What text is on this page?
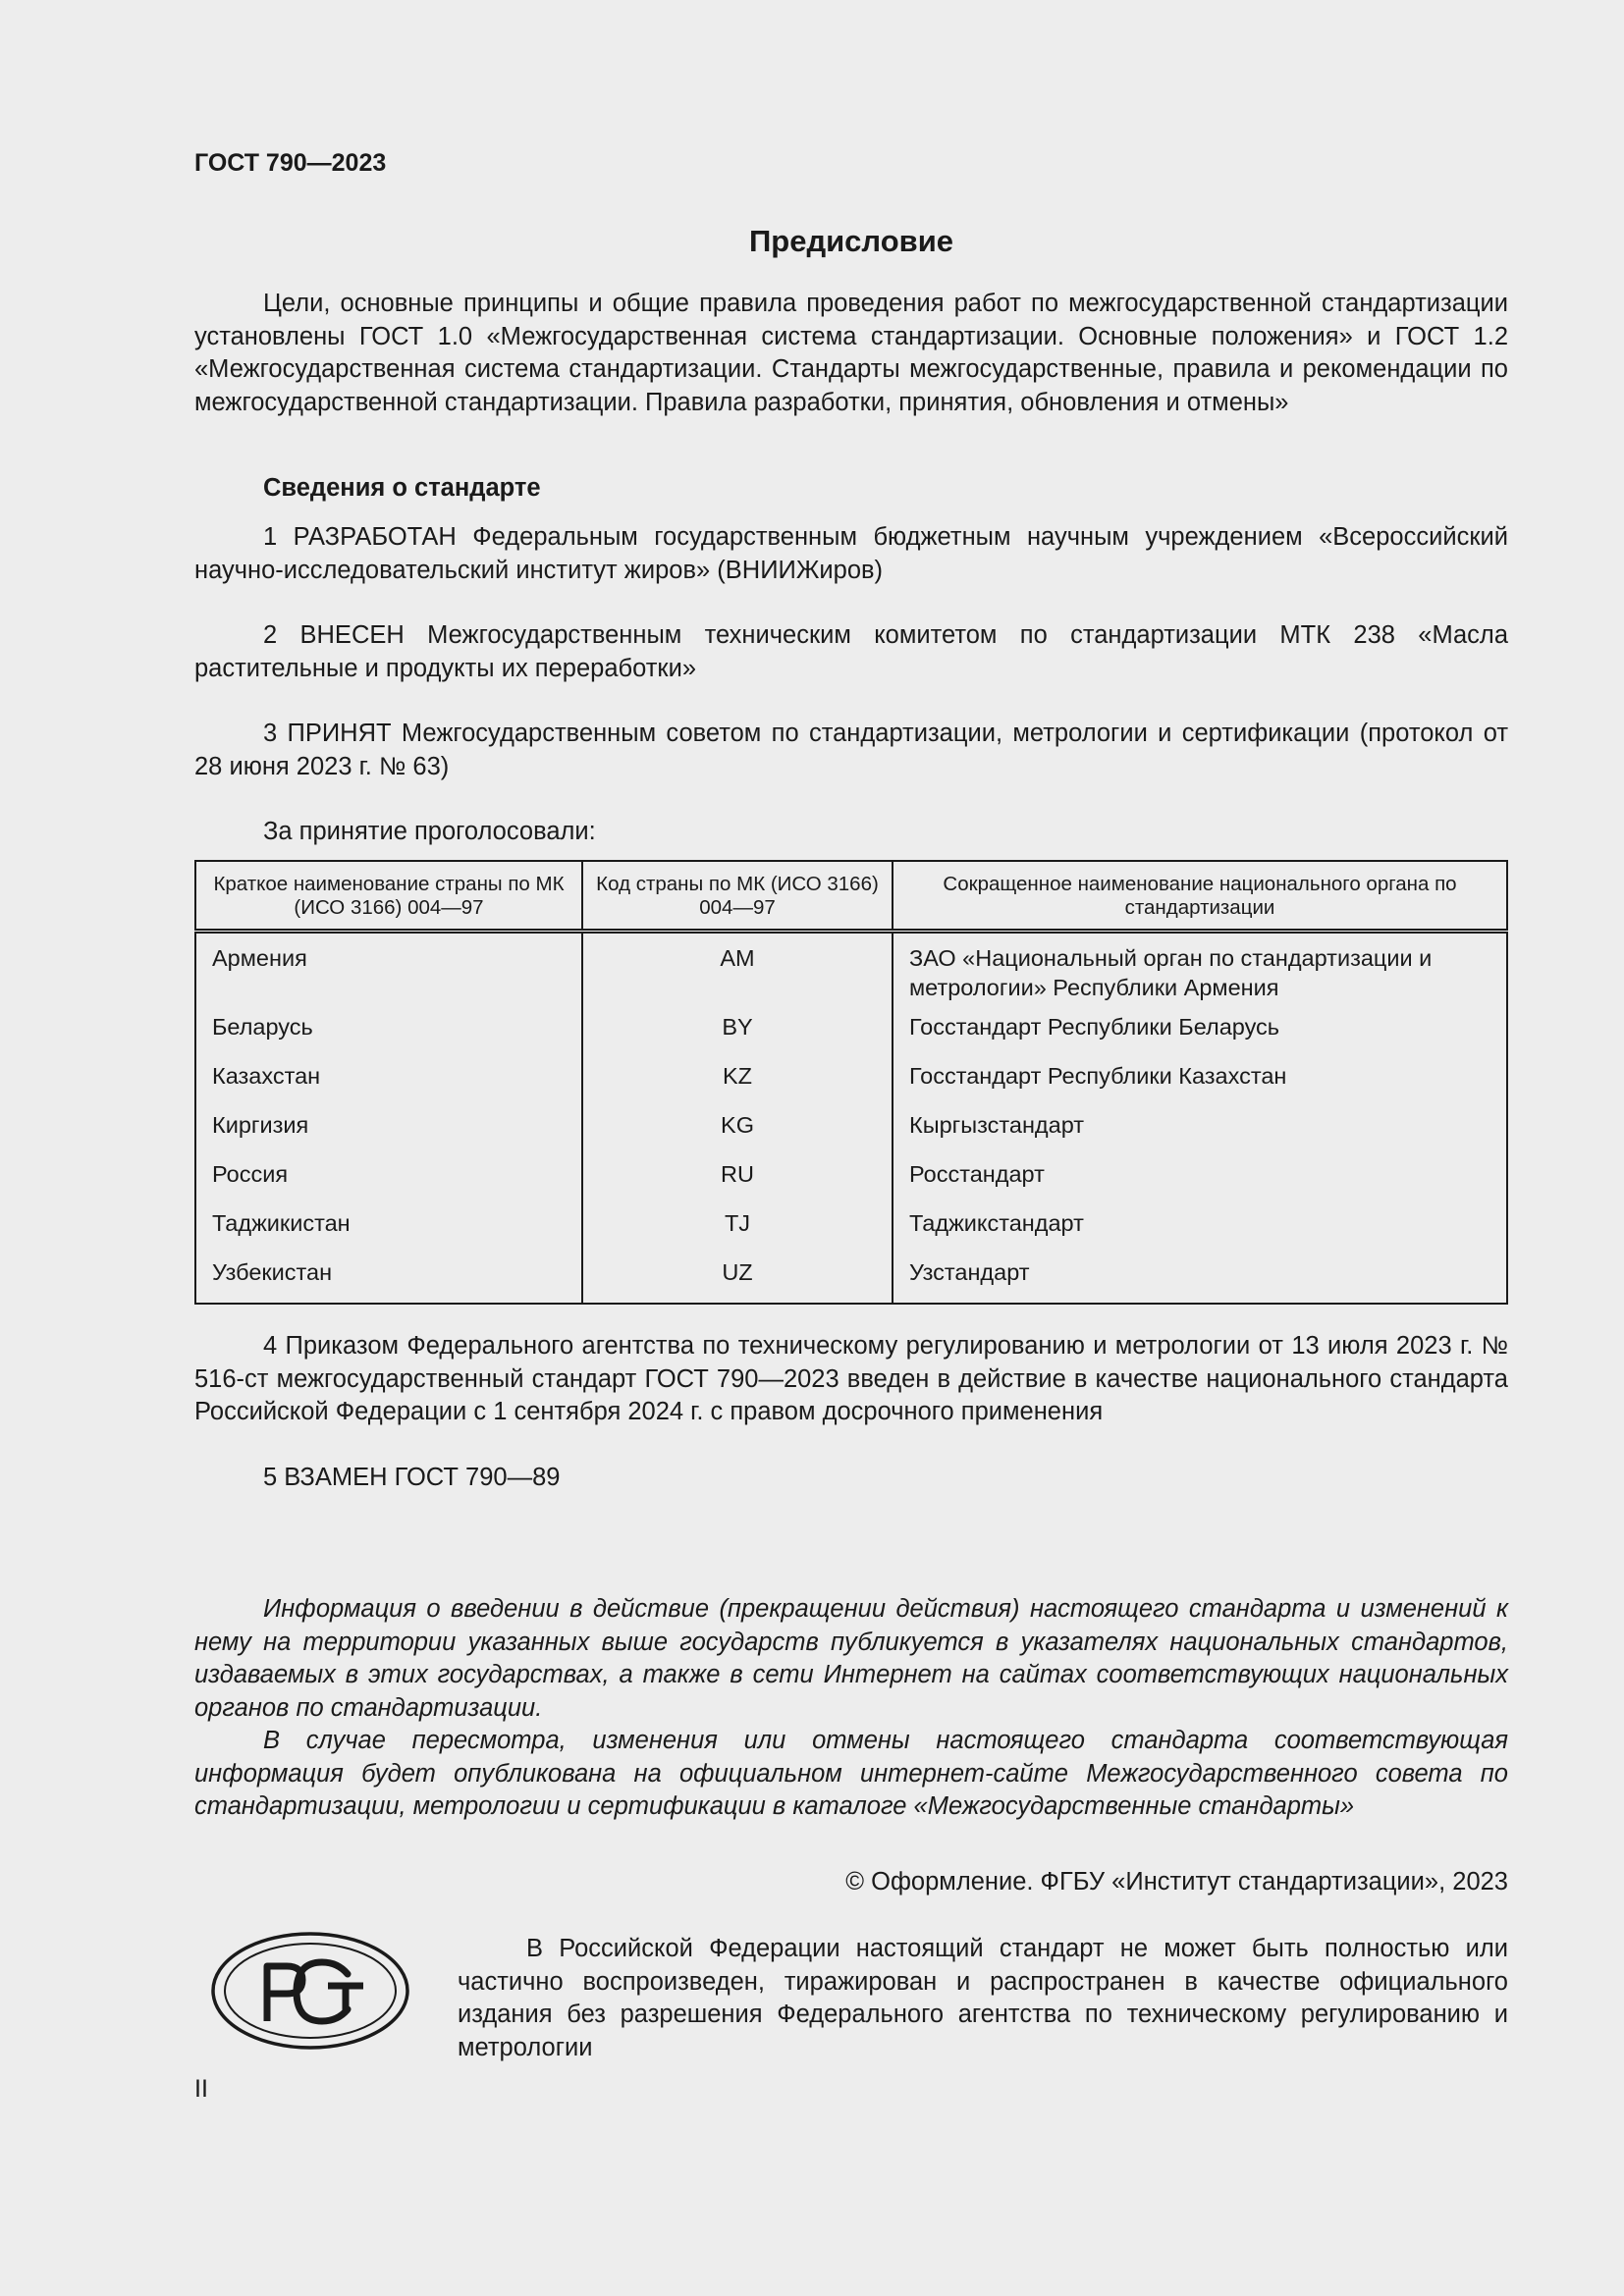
ГОСТ 790—2023
Предисловие

Цели, основные принципы и общие правила проведения работ по межгосударственной стандартизации установлены ГОСТ 1.0 «Межгосударственная система стандартизации. Основные положения» и ГОСТ 1.2 «Межгосударственная система стандартизации. Стандарты межгосударственные, правила и рекомендации по межгосударственной стандартизации. Правила разработки, принятия, обновления и отмены»

Сведения о стандарте

1 РАЗРАБОТАН Федеральным государственным бюджетным научным учреждением «Всероссийский научно-исследовательский институт жиров» (ВНИИЖиров)

2 ВНЕСЕН Межгосударственным техническим комитетом по стандартизации МТК 238 «Масла растительные и продукты их переработки»

3 ПРИНЯТ Межгосударственным советом по стандартизации, метрологии и сертификации (протокол от 28 июня 2023 г. № 63)

За принятие проголосовали:

Краткое наименование страны по МК (ИСО 3166) 004—97	Код страны по МК (ИСО 3166) 004—97	Сокращенное наименование национального органа по стандартизации
Армения	AM	ЗАО «Национальный орган по стандартизации и метрологии» Республики Армения
Беларусь	BY	Госстандарт Республики Беларусь
Казахстан	KZ	Госстандарт Республики Казахстан
Киргизия	KG	Кыргызстандарт
Россия	RU	Росстандарт
Таджикистан	TJ	Таджикстандарт
Узбекистан	UZ	Узстандарт

4 Приказом Федерального агентства по техническому регулированию и метрологии от 13 июля 2023 г. № 516-ст межгосударственный стандарт ГОСТ 790—2023 введен в действие в качестве национального стандарта Российской Федерации с 1 сентября 2024 г. с правом досрочного применения

5 ВЗАМЕН ГОСТ 790—89

Информация о введении в действие (прекращении действия) настоящего стандарта и изменений к нему на территории указанных выше государств публикуется в указателях национальных стандартов, издаваемых в этих государствах, а также в сети Интернет на сайтах соответствующих национальных органов по стандартизации.

В случае пересмотра, изменения или отмены настоящего стандарта соответствующая информация будет опубликована на официальном интернет-сайте Межгосударственного совета по стандартизации, метрологии и сертификации в каталоге «Межгосударственные стандарты»

© Оформление. ФГБУ «Институт стандартизации», 2023
РСТ

В Российской Федерации настоящий стандарт не может быть полностью или частично воспроизведен, тиражирован и распространен в качестве официального издания без разрешения Федерального агентства по техническому регулированию и метрологии

II
